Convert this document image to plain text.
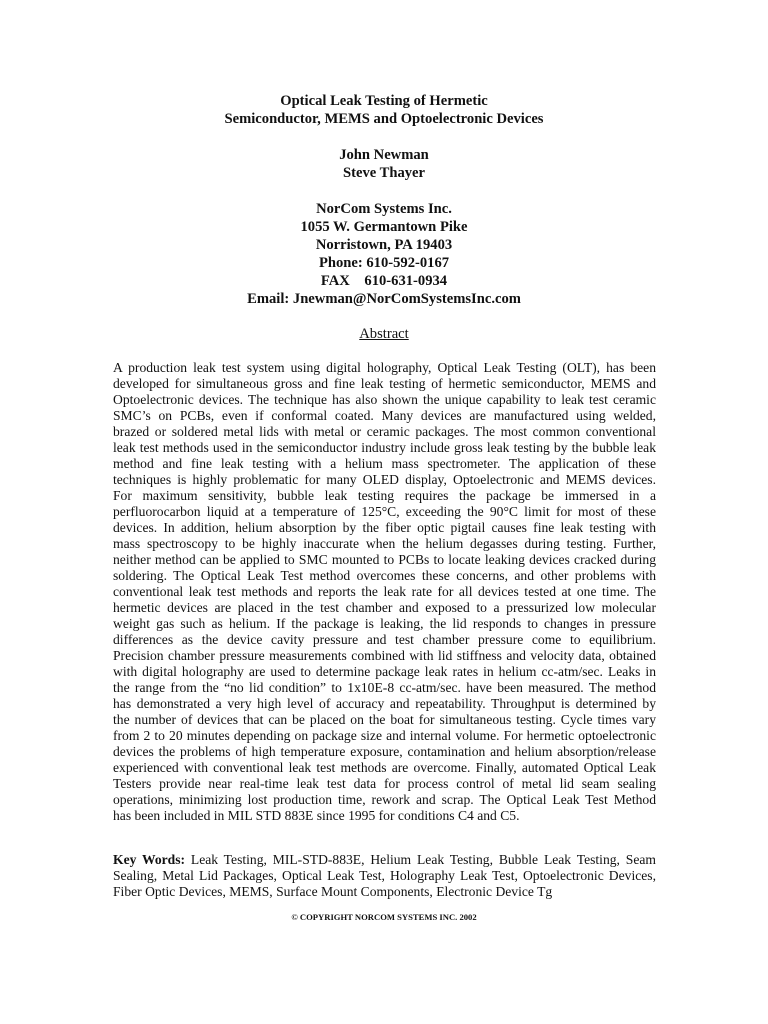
Optical Leak Testing of Hermetic
Semiconductor, MEMS and Optoelectronic Devices
John Newman
Steve Thayer
NorCom Systems Inc.
1055 W. Germantown Pike
Norristown, PA 19403
Phone: 610-592-0167
FAX    610-631-0934
Email: Jnewman@NorComSystemsInc.com
Abstract
A production leak test system using digital holography, Optical Leak Testing (OLT), has been
developed for simultaneous gross and fine leak testing of hermetic semiconductor, MEMS and
Optoelectronic devices. The technique has also shown the unique capability to leak test ceramic
SMC’s on PCBs, even if conformal coated. Many devices are manufactured using welded,
brazed or soldered metal lids with metal or ceramic packages. The most common conventional
leak test methods used in the semiconductor industry include gross leak testing by the bubble leak
method and fine leak testing with a helium mass spectrometer. The application of these
techniques is highly problematic for many OLED display, Optoelectronic and MEMS devices.
For maximum sensitivity, bubble leak testing requires the package be immersed in a
perfluorocarbon liquid at a temperature of 125°C, exceeding the 90°C limit for most of these
devices. In addition, helium absorption by the fiber optic pigtail causes fine leak testing with
mass spectroscopy to be highly inaccurate when the helium degasses during testing. Further,
neither method can be applied to SMC mounted to PCBs to locate leaking devices cracked during
soldering. The Optical Leak Test method overcomes these concerns, and other problems with
conventional leak test methods and reports the leak rate for all devices tested at one time. The
hermetic devices are placed in the test chamber and exposed to a pressurized low molecular
weight gas such as helium. If the package is leaking, the lid responds to changes in pressure
differences as the device cavity pressure and test chamber pressure come to equilibrium.
Precision chamber pressure measurements combined with lid stiffness and velocity data, obtained
with digital holography are used to determine package leak rates in helium cc-atm/sec. Leaks in
the range from the “no lid condition” to 1x10E-8 cc-atm/sec. have been measured. The method
has demonstrated a very high level of accuracy and repeatability. Throughput is determined by
the number of devices that can be placed on the boat for simultaneous testing. Cycle times vary
from 2 to 20 minutes depending on package size and internal volume. For hermetic optoelectronic
devices the problems of high temperature exposure, contamination and helium absorption/release
experienced with conventional leak test methods are overcome. Finally, automated Optical Leak
Testers provide near real-time leak test data for process control of metal lid seam sealing
operations, minimizing lost production time, rework and scrap. The Optical Leak Test Method
has been included in MIL STD 883E since 1995 for conditions C4 and C5.
Key Words: Leak Testing, MIL-STD-883E, Helium Leak Testing, Bubble Leak Testing, Seam
Sealing, Metal Lid Packages, Optical Leak Test, Holography Leak Test, Optoelectronic Devices,
Fiber Optic Devices, MEMS, Surface Mount Components, Electronic Device Tg
© COPYRIGHT NORCOM SYSTEMS INC. 2002
